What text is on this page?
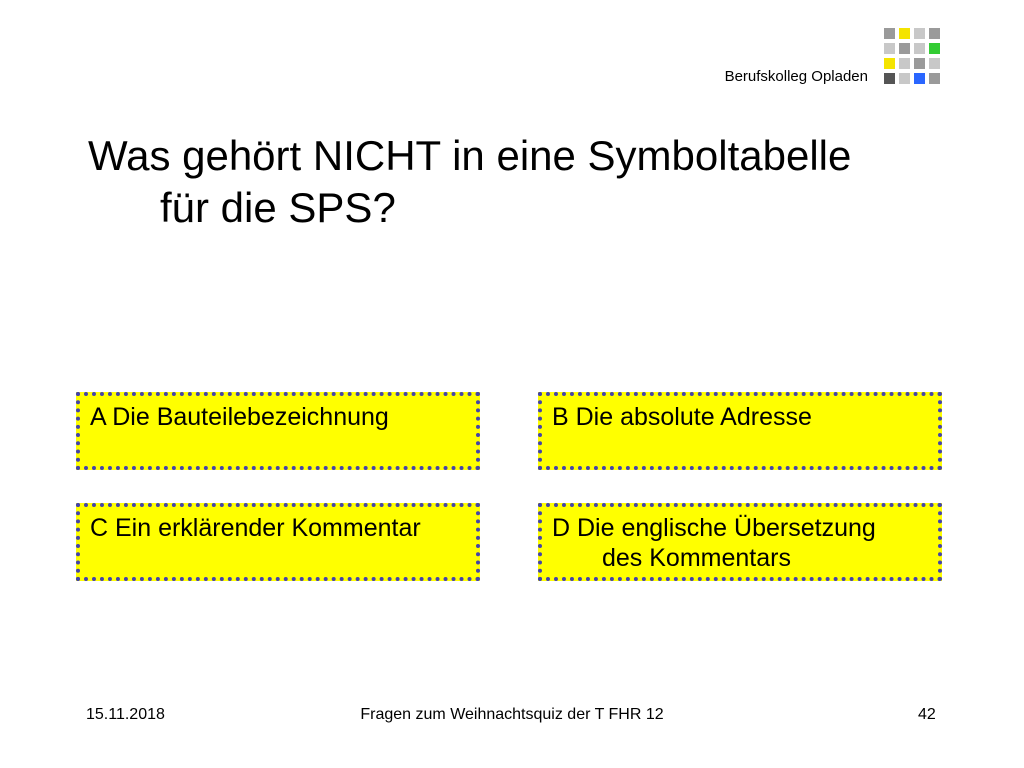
Berufskolleg Opladen
Was gehört NICHT in eine Symboltabelle
für die SPS?
A Die Bauteilebezeichnung	B Die absolute Adresse
C Ein erklärender Kommentar	D Die englische Übersetzung
des Kommentars
15.11.2018	Fragen zum Weihnachtsquiz der T FHR 12	42
